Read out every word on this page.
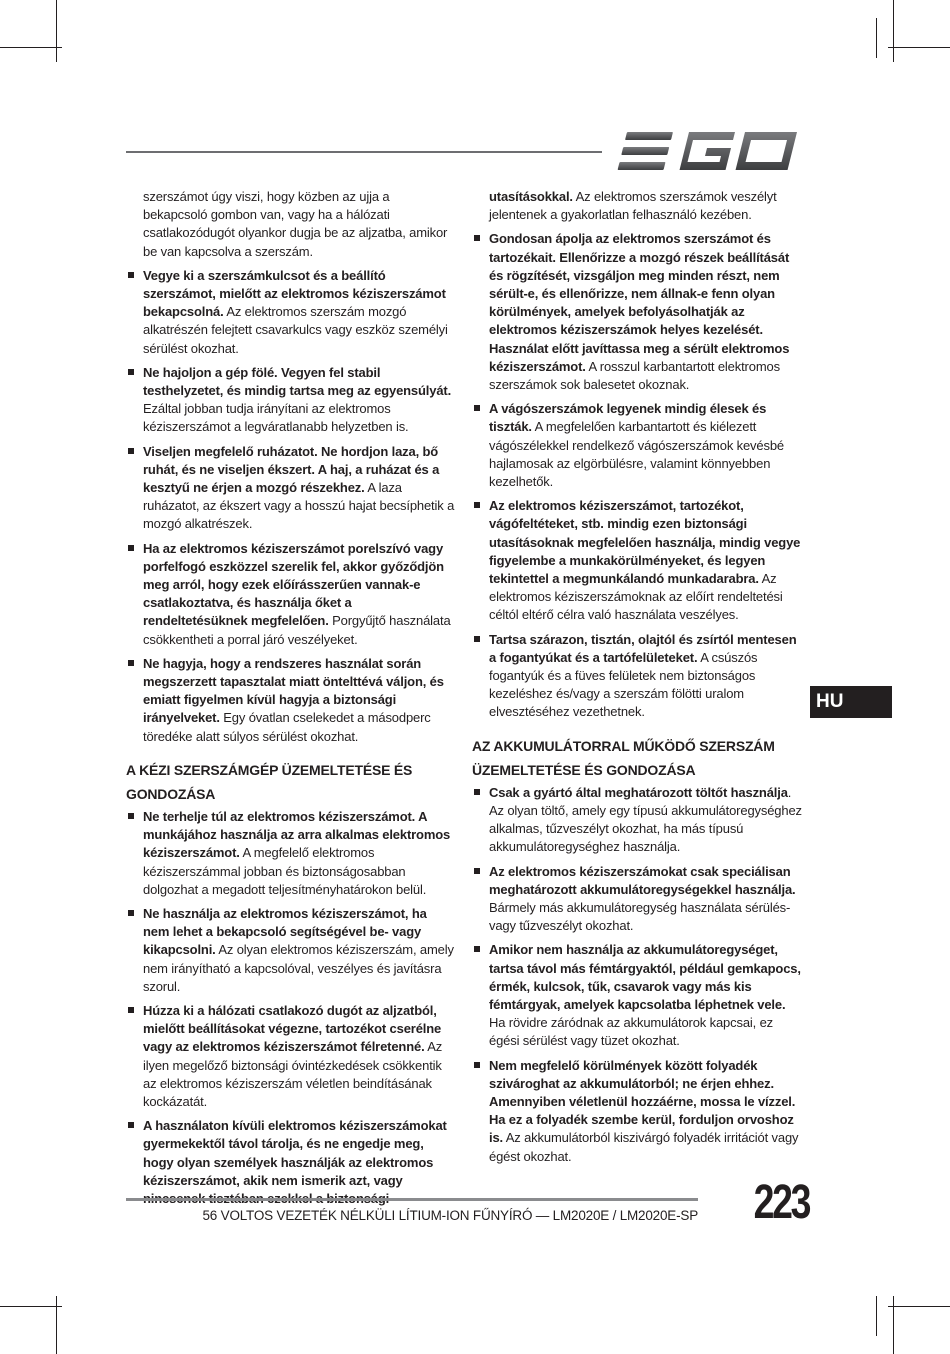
szerszámot úgy viszi, hogy közben az ujja a bekapcsoló gombon van, vagy ha a hálózati csatlakozódugót olyankor dugja be az aljzatba, amikor be van kapcsolva a szerszám.

Vegye ki a szerszámkulcsot és a beállító szerszámot, mielőtt az elektromos kéziszerszámot bekapcsolná. Az elektromos szerszám mozgó alkatrészén felejtett csavarkulcs vagy eszköz személyi sérülést okozhat.
Ne hajoljon a gép fölé. Vegyen fel stabil testhelyzetet, és mindig tartsa meg az egyensúlyát. Ezáltal jobban tudja irányítani az elektromos kéziszerszámot a legváratlanabb helyzetben is.
Viseljen megfelelő ruházatot. Ne hordjon laza, bő ruhát, és ne viseljen ékszert. A haj, a ruházat és a kesztyű ne érjen a mozgó részekhez. A laza ruházatot, az ékszert vagy a hosszú hajat becsíphetik a mozgó alkatrészek.
Ha az elektromos kéziszerszámot porelszívó vagy porfelfogó eszközzel szerelik fel, akkor győződjön meg arról, hogy ezek előírásszerűen vannak-e csatlakoztatva, és használja őket a rendeltetésüknek megfelelően. Porgyűjtő használata csökkentheti a porral járó veszélyeket.
Ne hagyja, hogy a rendszeres használat során megszerzett tapasztalat miatt öntelttévá váljon, és emiatt figyelmen kívül hagyja a biztonsági irányelveket. Egy óvatlan cselekedet a másodperc töredéke alatt súlyos sérülést okozhat.
A KÉZI SZERSZÁMGÉP ÜZEMELTETÉSE ÉS GONDOZÁSA
Ne terhelje túl az elektromos kéziszerszámot. A munkájához használja az arra alkalmas elektromos kéziszerszámot. A megfelelő elektromos kéziszerszámmal jobban és biztonságosabban dolgozhat a megadott teljesítményhatárokon belül.
Ne használja az elektromos kéziszerszámot, ha nem lehet a bekapcsoló segítségével be- vagy kikapcsolni. Az olyan elektromos kéziszerszám, amely nem irányítható a kapcsolóval, veszélyes és javításra szorul.
Húzza ki a hálózati csatlakozó dugót az aljzatból, mielőtt beállításokat végezne, tartozékot cserélne vagy az elektromos kéziszerszámot félretenné. Az ilyen megelőző biztonsági óvintézkedések csökkentik az elektromos kéziszerszám véletlen beindításának kockázatát.
A használaton kívüli elektromos kéziszerszámokat gyermekektől távol tárolja, és ne engedje meg, hogy olyan személyek használják az elektromos kéziszerszámot, akik nem ismerik azt, vagy

utasításokkal. Az elektromos szerszámok veszélyt jelentenek a gyakorlatlan felhasználó kezében.

Gondosan ápolja az elektromos szerszámot és tartozékait. Ellenőrizze a mozgó részek beállítását és rögzítését, vizsgáljon meg minden részt, nem sérült-e, és ellenőrizze, nem állnak-e fenn olyan körülmények, amelyek befolyásolhatják az elektromos kéziszerszámok helyes kezelését. Használat előtt javíttassa meg a sérült elektromos kéziszerszámot. A rosszul karbantartott elektromos szerszámok sok balesetet okoznak.
A vágószerszámok legyenek mindig élesek és tiszták. A megfelelően karbantartott és kiélezett vágószélekkel rendelkező vágószerszámok kevésbé hajlamosak az elgörbülésre, valamint könnyebben kezelhetők.
Az elektromos kéziszerszámot, tartozékot, vágófeltéteket, stb. mindig ezen biztonsági utasításoknak megfelelően használja, mindig vegye figyelembe a munkakörülményeket, és legyen tekintettel a megmunkálandó munkadarabra. Az elektromos kéziszerszámoknak az előírt rendeltetési céltól eltérő célra való használata veszélyes.
Tartsa szárazon, tisztán, olajtól és zsírtól mentesen a fogantyúkat és a tartófelületeket. A csúszós fogantyúk és a füves felületek nem biztonságos kezeléshez és/vagy a szerszám fölötti uralom elvesztéséhez vezethetnek.
AZ AKKUMULÁTORRAL MŰKÖDŐ SZERSZÁM ÜZEMELTETÉSE ÉS GONDOZÁSA
Csak a gyártó által meghatározott töltőt használja. Az olyan töltő, amely egy típusú akkumulátoregységhez alkalmas, tűzveszélyt okozhat, ha más típusú akkumulátoregységhez használja.
Az elektromos kéziszerszámokat csak speciálisan meghatározott akkumulátoregységekkel használja. Bármely más akkumulátoregység használata sérülés- vagy tűzveszélyt okozhat.
Amikor nem használja az akkumulátoregységet, tartsa távol más fémtárgyaktól, például gemkapocs, érmék, kulcsok, tűk, csavarok vagy más kis fémtárgyak, amelyek kapcsolatba léphetnek vele. Ha rövidre záródnak az akkumulátorok kapcsai, ez égési sérülést vagy tüzet okozhat.
Nem megfelelő körülmények között folyadék szivároghat az akkumulátorból; ne érjen ehhez. Amennyiben véletlenül hozzáérne, mossa le vízzel. Ha ez a folyadék szembe kerül, forduljon orvoshoz is. Az akkumulátorból kiszivárgó folyadék irritációt vagy égést okozhat.
HU
56 VOLTOS VEZETÉK NÉLKÜLI LÍTIUM-ION FŰNYÍRÓ — LM2020E / LM2020E-SP 223
